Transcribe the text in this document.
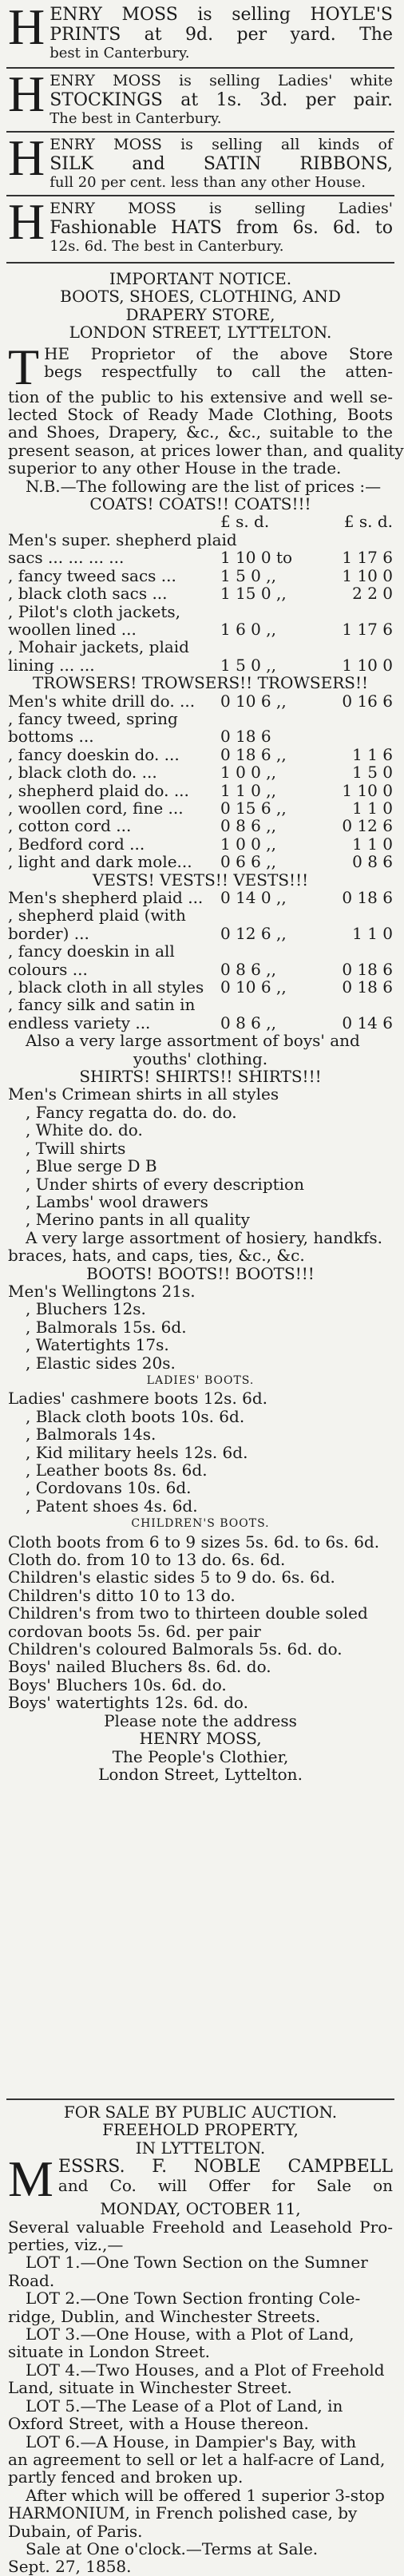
H ENRY MOSS is selling HOYLE'S
PRINTS at 9d. per yard. The
best in Canterbury.
H ENRY MOSS is selling Ladies' white
STOCKINGS at 1s. 3d. per pair.
The best in Canterbury.
H ENRY MOSS is selling all kinds of
SILK and SATIN RIBBONS,
full 20 per cent. less than any other House.
H ENRY MOSS is selling Ladies'
Fashionable HATS from 6s. 6d. to
12s. 6d. The best in Canterbury.
IMPORTANT NOTICE.
BOOTS, SHOES, CLOTHING, AND
DRAPERY STORE,
LONDON STREET, LYTTELTON.
T HE Proprietor of the above Store
begs respectfully to call the atten-
tion of the public to his extensive and well se-
lected Stock of Ready Made Clothing, Boots
and Shoes, Drapery, &c., &c., suitable to the
present season, at prices lower than, and quality
superior to any other House in the trade.
N.B.—The following are the list of prices :—
COATS! COATS!! COATS!!!
£ s. d.	£ s. d.
Men's super. shepherd plaid
sacs ... ... ... ...	1 10 0 to	1 17 6
, fancy tweed sacs ...	1 5 0 ,,	1 10 0
, black cloth sacs ...	1 15 0 ,,	2 2 0
, Pilot's cloth jackets,
woollen lined ...	1 6 0 ,,	1 17 6
, Mohair jackets, plaid
lining ... ...	1 5 0 ,,	1 10 0
TROWSERS! TROWSERS!! TROWSERS!!
Men's white drill do. ...	0 10 6 ,,	0 16 6
, fancy tweed, spring
bottoms ...	0 18 6
, fancy doeskin do. ...	0 18 6 ,,	1 1 6
, black cloth do. ...	1 0 0 ,,	1 5 0
, shepherd plaid do. ...	1 1 0 ,,	1 10 0
, woollen cord, fine ...	0 15 6 ,,	1 1 0
, cotton cord ...	0 8 6 ,,	0 12 6
, Bedford cord ...	1 0 0 ,,	1 1 0
, light and dark mole...	0 6 6 ,,	0 8 6
VESTS! VESTS!! VESTS!!!
Men's shepherd plaid ...	0 14 0 ,,	0 18 6
, shepherd plaid (with
border) ...	0 12 6 ,,	1 1 0
, fancy doeskin in all
colours ...	0 8 6 ,,	0 18 6
, black cloth in all styles	0 10 6 ,,	0 18 6
, fancy silk and satin in
endless variety ...	0 8 6 ,,	0 14 6
Also a very large assortment of boys' and
youths' clothing.
SHIRTS! SHIRTS!! SHIRTS!!!
Men's Crimean shirts in all styles
, Fancy regatta do. do. do.
, White do. do.
, Twill shirts
, Blue serge D B
, Under shirts of every description
, Lambs' wool drawers
, Merino pants in all quality
A very large assortment of hosiery, handkfs.
braces, hats, and caps, ties, &c., &c.
BOOTS! BOOTS!! BOOTS!!!
Men's Wellingtons 21s.
, Bluchers 12s.
, Balmorals 15s. 6d.
, Watertights 17s.
, Elastic sides 20s.
LADIES' BOOTS.
Ladies' cashmere boots 12s. 6d.
, Black cloth boots 10s. 6d.
, Balmorals 14s.
, Kid military heels 12s. 6d.
, Leather boots 8s. 6d.
, Cordovans 10s. 6d.
, Patent shoes 4s. 6d.
CHILDREN'S BOOTS.
Cloth boots from 6 to 9 sizes 5s. 6d. to 6s. 6d.
Cloth do. from 10 to 13 do. 6s. 6d.
Children's elastic sides 5 to 9 do. 6s. 6d.
Children's ditto 10 to 13 do.
Children's from two to thirteen double soled
cordovan boots 5s. 6d. per pair
Children's coloured Balmorals 5s. 6d. do.
Boys' nailed Bluchers 8s. 6d. do.
Boys' Bluchers 10s. 6d. do.
Boys' watertights 12s. 6d. do.
Please note the address
HENRY MOSS,
The People's Clothier,
London Street, Lyttelton.
FOR SALE BY PUBLIC AUCTION.
FREEHOLD PROPERTY,
IN LYTTELTON.
M ESSRS. F. NOBLE CAMPBELL
and Co. will Offer for Sale on
MONDAY, OCTOBER 11,
Several valuable Freehold and Leasehold Pro-
perties, viz.,—
LOT 1.—One Town Section on the Sumner
Road.
LOT 2.—One Town Section fronting Cole-
ridge, Dublin, and Winchester Streets.
LOT 3.—One House, with a Plot of Land,
situate in London Street.
LOT 4.—Two Houses, and a Plot of Freehold
Land, situate in Winchester Street.
LOT 5.—The Lease of a Plot of Land, in
Oxford Street, with a House thereon.
LOT 6.—A House, in Dampier's Bay, with
an agreement to sell or let a half-acre of Land,
partly fenced and broken up.
After which will be offered 1 superior 3-stop
HARMONIUM, in French polished case, by
Dubain, of Paris.
Sale at One o'clock.—Terms at Sale.
Sept. 27, 1858.
